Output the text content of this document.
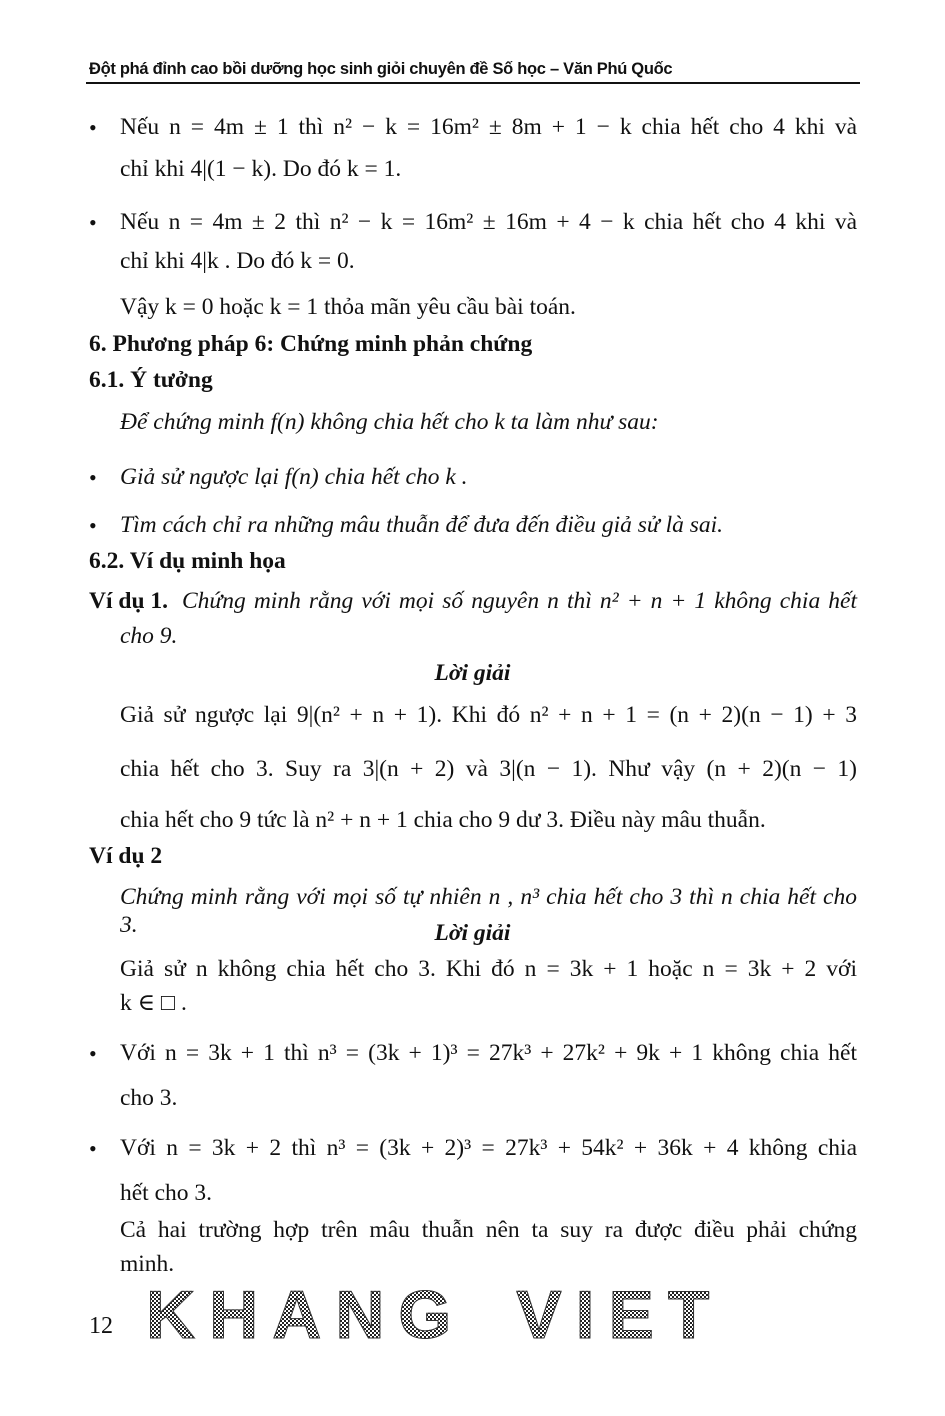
Đột phá đỉnh cao bồi dưỡng học sinh giỏi chuyên đề Số học – Văn Phú Quốc
• Nếu n = 4m ± 1 thì n² − k = 16m² ± 8m + 1 − k chia hết cho 4 khi và
chỉ khi 4|(1 − k). Do đó k = 1.
• Nếu n = 4m ± 2 thì n² − k = 16m² ± 16m + 4 − k chia hết cho 4 khi và
chỉ khi 4|k . Do đó k = 0.
Vậy k = 0 hoặc k = 1 thỏa mãn yêu cầu bài toán.
6. Phương pháp 6: Chứng minh phản chứng
6.1. Ý tưởng
Để chứng minh f(n) không chia hết cho k ta làm như sau:
• Giả sử ngược lại f(n) chia hết cho k .
• Tìm cách chỉ ra những mâu thuẫn để đưa đến điều giả sử là sai.
6.2. Ví dụ minh họa
Ví dụ 1. Chứng minh rằng với mọi số nguyên n thì n² + n + 1 không chia hết
cho 9.
Lời giải
Giả sử ngược lại 9|(n² + n + 1). Khi đó n² + n + 1 = (n + 2)(n − 1) + 3
chia hết cho 3. Suy ra 3|(n + 2) và 3|(n − 1). Như vậy (n + 2)(n − 1)
chia hết cho 9 tức là n² + n + 1 chia cho 9 dư 3. Điều này mâu thuẫn.
Ví dụ 2
Chứng minh rằng với mọi số tự nhiên n , n³ chia hết cho 3 thì n chia hết cho 3.	Lời giải
Giả sử n không chia hết cho 3. Khi đó n = 3k + 1 hoặc n = 3k + 2 với
k ∈ □ .
• Với n = 3k + 1 thì n³ = (3k + 1)³ = 27k³ + 27k² + 9k + 1 không chia hết
cho 3.
• Với n = 3k + 2 thì n³ = (3k + 2)³ = 27k³ + 54k² + 36k + 4 không chia
hết cho 3.
Cả hai trường hợp trên mâu thuẫn nên ta suy ra được điều phải chứng
minh.
12 KHANG VIET
